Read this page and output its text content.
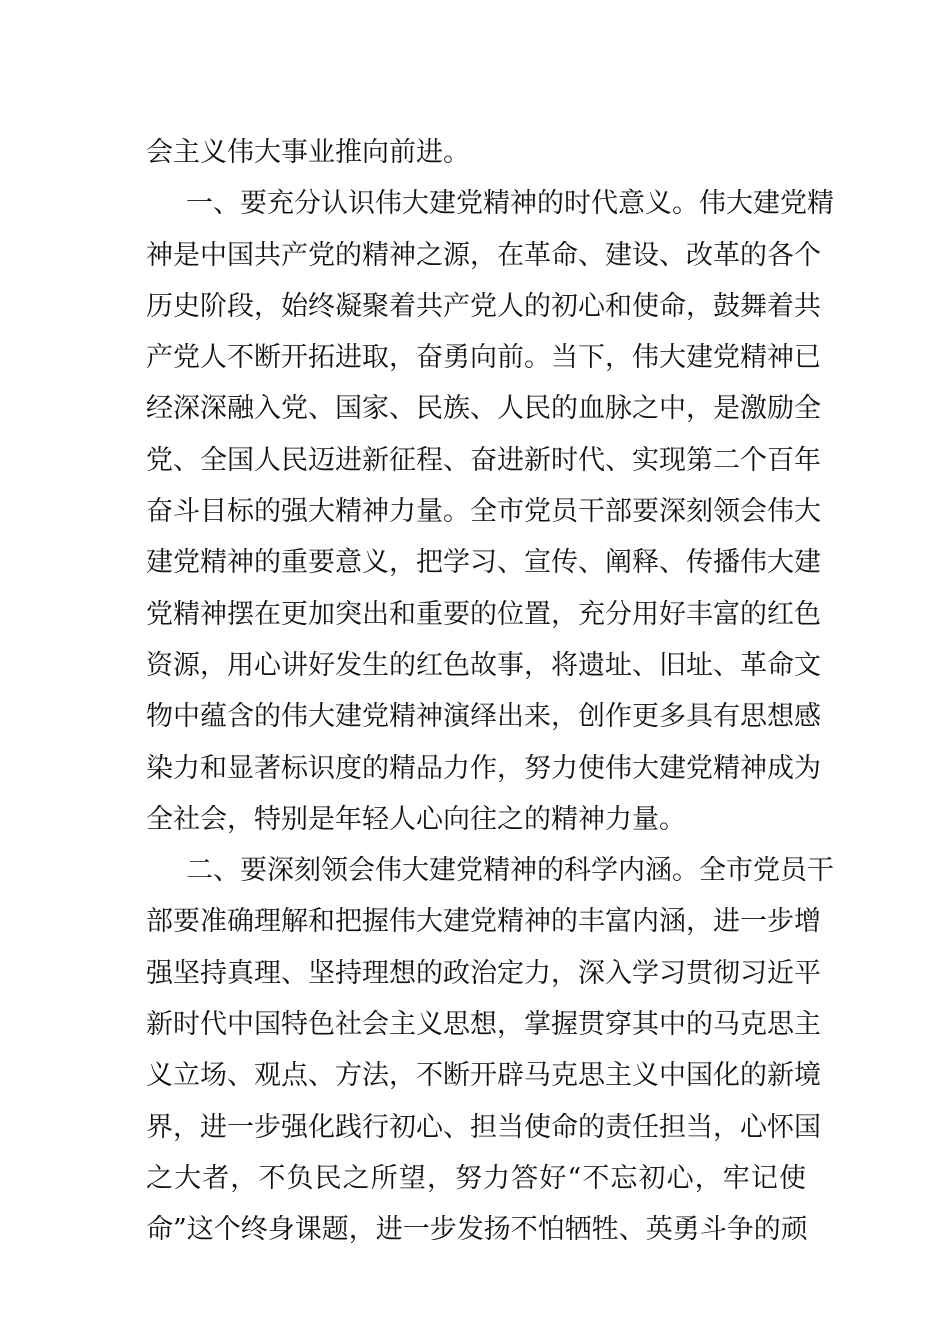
会主义伟大事业推向前进。
一、要充分认识伟大建党精神的时代意义。伟大建党精
神是中国共产党的精神之源，在革命、建设、改革的各个
历史阶段，始终凝聚着共产党人的初心和使命，鼓舞着共
产党人不断开拓进取，奋勇向前。当下，伟大建党精神已
经深深融入党、国家、民族、人民的血脉之中，是激励全
党、全国人民迈进新征程、奋进新时代、实现第二个百年
奋斗目标的强大精神力量。全市党员干部要深刻领会伟大
建党精神的重要意义，把学习、宣传、阐释、传播伟大建
党精神摆在更加突出和重要的位置，充分用好丰富的红色
资源，用心讲好发生的红色故事，将遗址、旧址、革命文
物中蕴含的伟大建党精神演绎出来，创作更多具有思想感
染力和显著标识度的精品力作，努力使伟大建党精神成为
全社会，特别是年轻人心向往之的精神力量。
二、要深刻领会伟大建党精神的科学内涵。全市党员干
部要准确理解和把握伟大建党精神的丰富内涵，进一步增
强坚持真理、坚持理想的政治定力，深入学习贯彻习近平
新时代中国特色社会主义思想，掌握贯穿其中的马克思主
义立场、观点、方法，不断开辟马克思主义中国化的新境
界，进一步强化践行初心、担当使命的责任担当，心怀国
之大者，不负民之所望，努力答好“不忘初心，牢记使
命”这个终身课题，进一步发扬不怕牺牲、英勇斗争的顽
